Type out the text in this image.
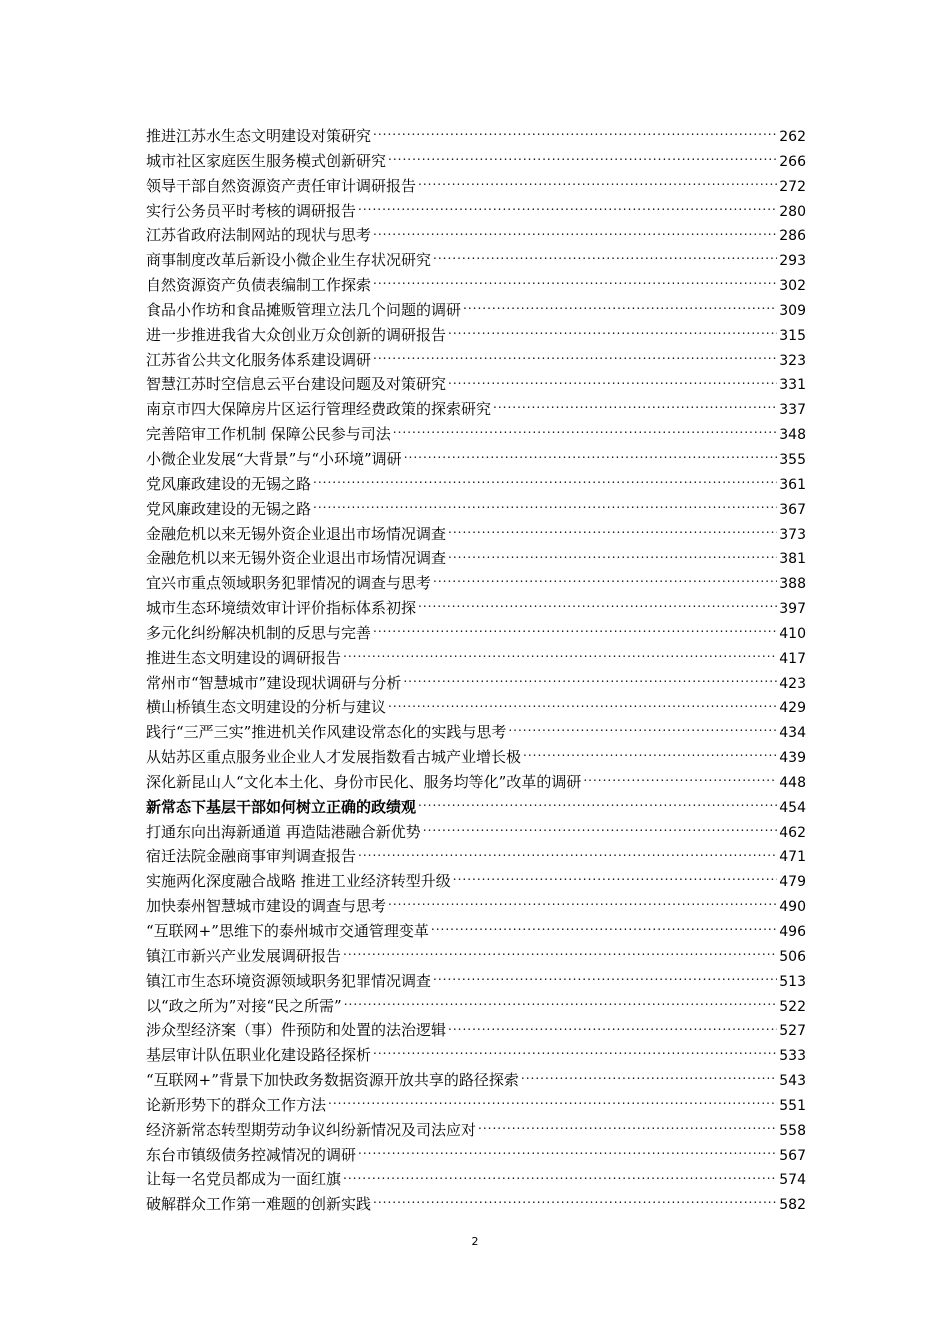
推进江苏水生态文明建设对策研究 .....	262
城市社区家庭医生服务模式创新研究 .....	266
领导干部自然资源资产责任审计调研报告 .....	272
实行公务员平时考核的调研报告 .....	280
江苏省政府法制网站的现状与思考 .....	286
商事制度改革后新设小微企业生存状况研究 .....	293
自然资源资产负债表编制工作探索 .....	302
食品小作坊和食品摊贩管理立法几个问题的调研 .....	309
进一步推进我省大众创业万众创新的调研报告 .....	315
江苏省公共文化服务体系建设调研 .....	323
智慧江苏时空信息云平台建设问题及对策研究 .....	331
南京市四大保障房片区运行管理经费政策的探索研究 .....	337
完善陪审工作机制 保障公民参与司法 .....	348
小微企业发展“大背景”与“小环境”调研 .....	355
党风廉政建设的无锡之路 .....	361
党风廉政建设的无锡之路 .....	367
金融危机以来无锡外资企业退出市场情况调查 .....	373
金融危机以来无锡外资企业退出市场情况调查 .....	381
宜兴市重点领域职务犯罪情况的调查与思考 .....	388
城市生态环境绩效审计评价指标体系初探 .....	397
多元化纠纷解决机制的反思与完善 .....	410
推进生态文明建设的调研报告 .....	417
常州市“智慧城市”建设现状调研与分析 .....	423
横山桥镇生态文明建设的分析与建议 .....	429
践行“三严三实”推进机关作风建设常态化的实践与思考 .....	434
从姑苏区重点服务业企业人才发展指数看古城产业增长极 .....	439
深化新昆山人“文化本土化、身份市民化、服务均等化”改革的调研 .....	448
新常态下基层干部如何树立正确的政绩观 .....	454
打通东向出海新通道 再造陆港融合新优势 .....	462
宿迁法院金融商事审判调查报告 .....	471
实施两化深度融合战略 推进工业经济转型升级 .....	479
加快泰州智慧城市建设的调查与思考 .....	490
“互联网+”思维下的泰州城市交通管理变革 .....	496
镇江市新兴产业发展调研报告 .....	506
镇江市生态环境资源领域职务犯罪情况调查 .....	513
以“政之所为”对接“民之所需” .....	522
涉众型经济案（事）件预防和处置的法治逻辑 .....	527
基层审计队伍职业化建设路径探析 .....	533
“互联网+”背景下加快政务数据资源开放共享的路径探索 .....	543
论新形势下的群众工作方法 .....	551
经济新常态转型期劳动争议纠纷新情况及司法应对 .....	558
东台市镇级债务控减情况的调研 .....	567
让每一名党员都成为一面红旗 .....	574
破解群众工作第一难题的创新实践 .....	582
2
